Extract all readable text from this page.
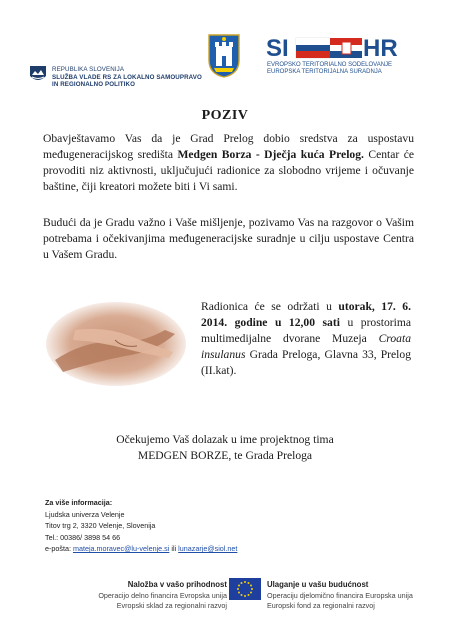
REPUBLIKA SLOVENIJA
SLUŽBA VLADE RS ZA LOKALNO SAMOUPRAVO
IN REGIONALNO POLITIKO
SI	HR
EVROPSKO TERITORIALNO SODELOVANJE
EUROPSKA TERITORIJALNA SURADNJA
POZIV
Obavještavamo Vas da je Grad Prelog dobio sredstva za uspostavu međugeneracijskog središta Medgen Borza - Dječja kuća Prelog. Centar će provoditi niz aktivnosti, uključujući radionice za slobodno vrijeme i očuvanje baštine, čiji kreatori možete biti i Vi sami.
Budući da je Gradu važno i Vaše mišljenje, pozivamo Vas na razgovor o Vašim potrebama i očekivanjima međugeneracijske suradnje u cilju uspostave Centra u Vašem Gradu.
Radionica će se održati u utorak, 17. 6. 2014. godine u 12,00 sati u prostorima multimedijalne dvorane Muzeja Croata insulanus Grada Preloga, Glavna 33, Prelog (II.kat).
Očekujemo Vaš dolazak u ime projektnog tima
MEDGEN BORZE, te Grada Preloga
Za više informacija:
Ljudska univerza Velenje
Titov trg 2, 3320 Velenje, Slovenija
Tel.: 00386/ 3898 54 66
e-pošta: mateja.moravec@lu-velenje.si ili lunazarje@siol.net
Naložba v vašo prihodnost
Operacijo delno financira Evropska unija
Evropski sklad za regionalni razvoj
Ulaganje u vašu budućnost
Operaciju djelomično financira Europska unija
Europski fond za regionalni razvoj
